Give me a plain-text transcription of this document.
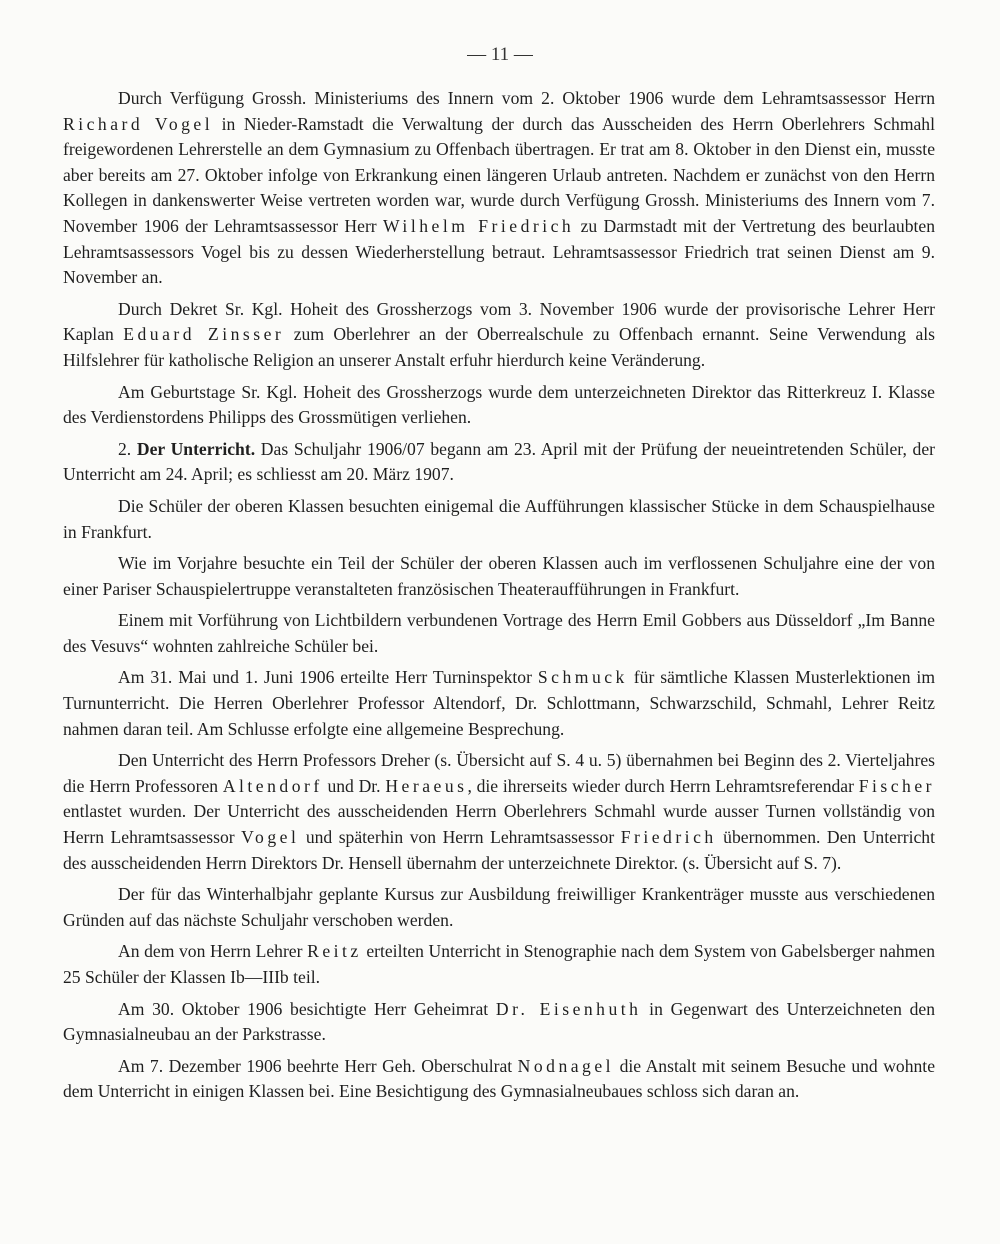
— 11 —

Durch Verfügung Grossh. Ministeriums des Innern vom 2. Oktober 1906 wurde dem Lehramtsassessor Herrn Richard Vogel in Nieder-Ramstadt die Verwaltung der durch das Ausscheiden des Herrn Oberlehrers Schmahl freigewordenen Lehrerstelle an dem Gymnasium zu Offenbach übertragen. Er trat am 8. Oktober in den Dienst ein, musste aber bereits am 27. Oktober infolge von Erkrankung einen längeren Urlaub antreten. Nachdem er zunächst von den Herrn Kollegen in dankenswerter Weise vertreten worden war, wurde durch Verfügung Grossh. Ministeriums des Innern vom 7. November 1906 der Lehramtsassessor Herr Wilhelm Friedrich zu Darmstadt mit der Vertretung des beurlaubten Lehramtsassessors Vogel bis zu dessen Wiederherstellung betraut. Lehramtsassessor Friedrich trat seinen Dienst am 9. November an.

Durch Dekret Sr. Kgl. Hoheit des Grossherzogs vom 3. November 1906 wurde der provisorische Lehrer Herr Kaplan Eduard Zinsser zum Oberlehrer an der Oberrealschule zu Offenbach ernannt. Seine Verwendung als Hilfslehrer für katholische Religion an unserer Anstalt erfuhr hierdurch keine Veränderung.

Am Geburtstage Sr. Kgl. Hoheit des Grossherzogs wurde dem unterzeichneten Direktor das Ritterkreuz I. Klasse des Verdienstordens Philipps des Grossmütigen verliehen.

2. Der Unterricht. Das Schuljahr 1906/07 begann am 23. April mit der Prüfung der neueintretenden Schüler, der Unterricht am 24. April; es schliesst am 20. März 1907.

Die Schüler der oberen Klassen besuchten einigemal die Aufführungen klassischer Stücke in dem Schauspielhause in Frankfurt.

Wie im Vorjahre besuchte ein Teil der Schüler der oberen Klassen auch im verflossenen Schuljahre eine der von einer Pariser Schauspielertruppe veranstalteten französischen Theateraufführungen in Frankfurt.

Einem mit Vorführung von Lichtbildern verbundenen Vortrage des Herrn Emil Gobbers aus Düsseldorf „Im Banne des Vesuvs“ wohnten zahlreiche Schüler bei.

Am 31. Mai und 1. Juni 1906 erteilte Herr Turninspektor Schmuck für sämtliche Klassen Musterlektionen im Turnunterricht. Die Herren Oberlehrer Professor Altendorf, Dr. Schlottmann, Schwarzschild, Schmahl, Lehrer Reitz nahmen daran teil. Am Schlusse erfolgte eine allgemeine Besprechung.

Den Unterricht des Herrn Professors Dreher (s. Übersicht auf S. 4 u. 5) übernahmen bei Beginn des 2. Vierteljahres die Herrn Professoren Altendorf und Dr. Heraeus, die ihrerseits wieder durch Herrn Lehramtsreferendar Fischer entlastet wurden. Der Unterricht des ausscheidenden Herrn Oberlehrers Schmahl wurde ausser Turnen vollständig von Herrn Lehramtsassessor Vogel und späterhin von Herrn Lehramtsassessor Friedrich übernommen. Den Unterricht des ausscheidenden Herrn Direktors Dr. Hensell übernahm der unterzeichnete Direktor. (s. Übersicht auf S. 7).

Der für das Winterhalbjahr geplante Kursus zur Ausbildung freiwilliger Krankenträger musste aus verschiedenen Gründen auf das nächste Schuljahr verschoben werden.

An dem von Herrn Lehrer Reitz erteilten Unterricht in Stenographie nach dem System von Gabelsberger nahmen 25 Schüler der Klassen Ib—IIIb teil.

Am 30. Oktober 1906 besichtigte Herr Geheimrat Dr. Eisenhuth in Gegenwart des Unterzeichneten den Gymnasialneubau an der Parkstrasse.

Am 7. Dezember 1906 beehrte Herr Geh. Oberschulrat Nodnagel die Anstalt mit seinem Besuche und wohnte dem Unterricht in einigen Klassen bei. Eine Besichtigung des Gymnasialneubaues schloss sich daran an.
